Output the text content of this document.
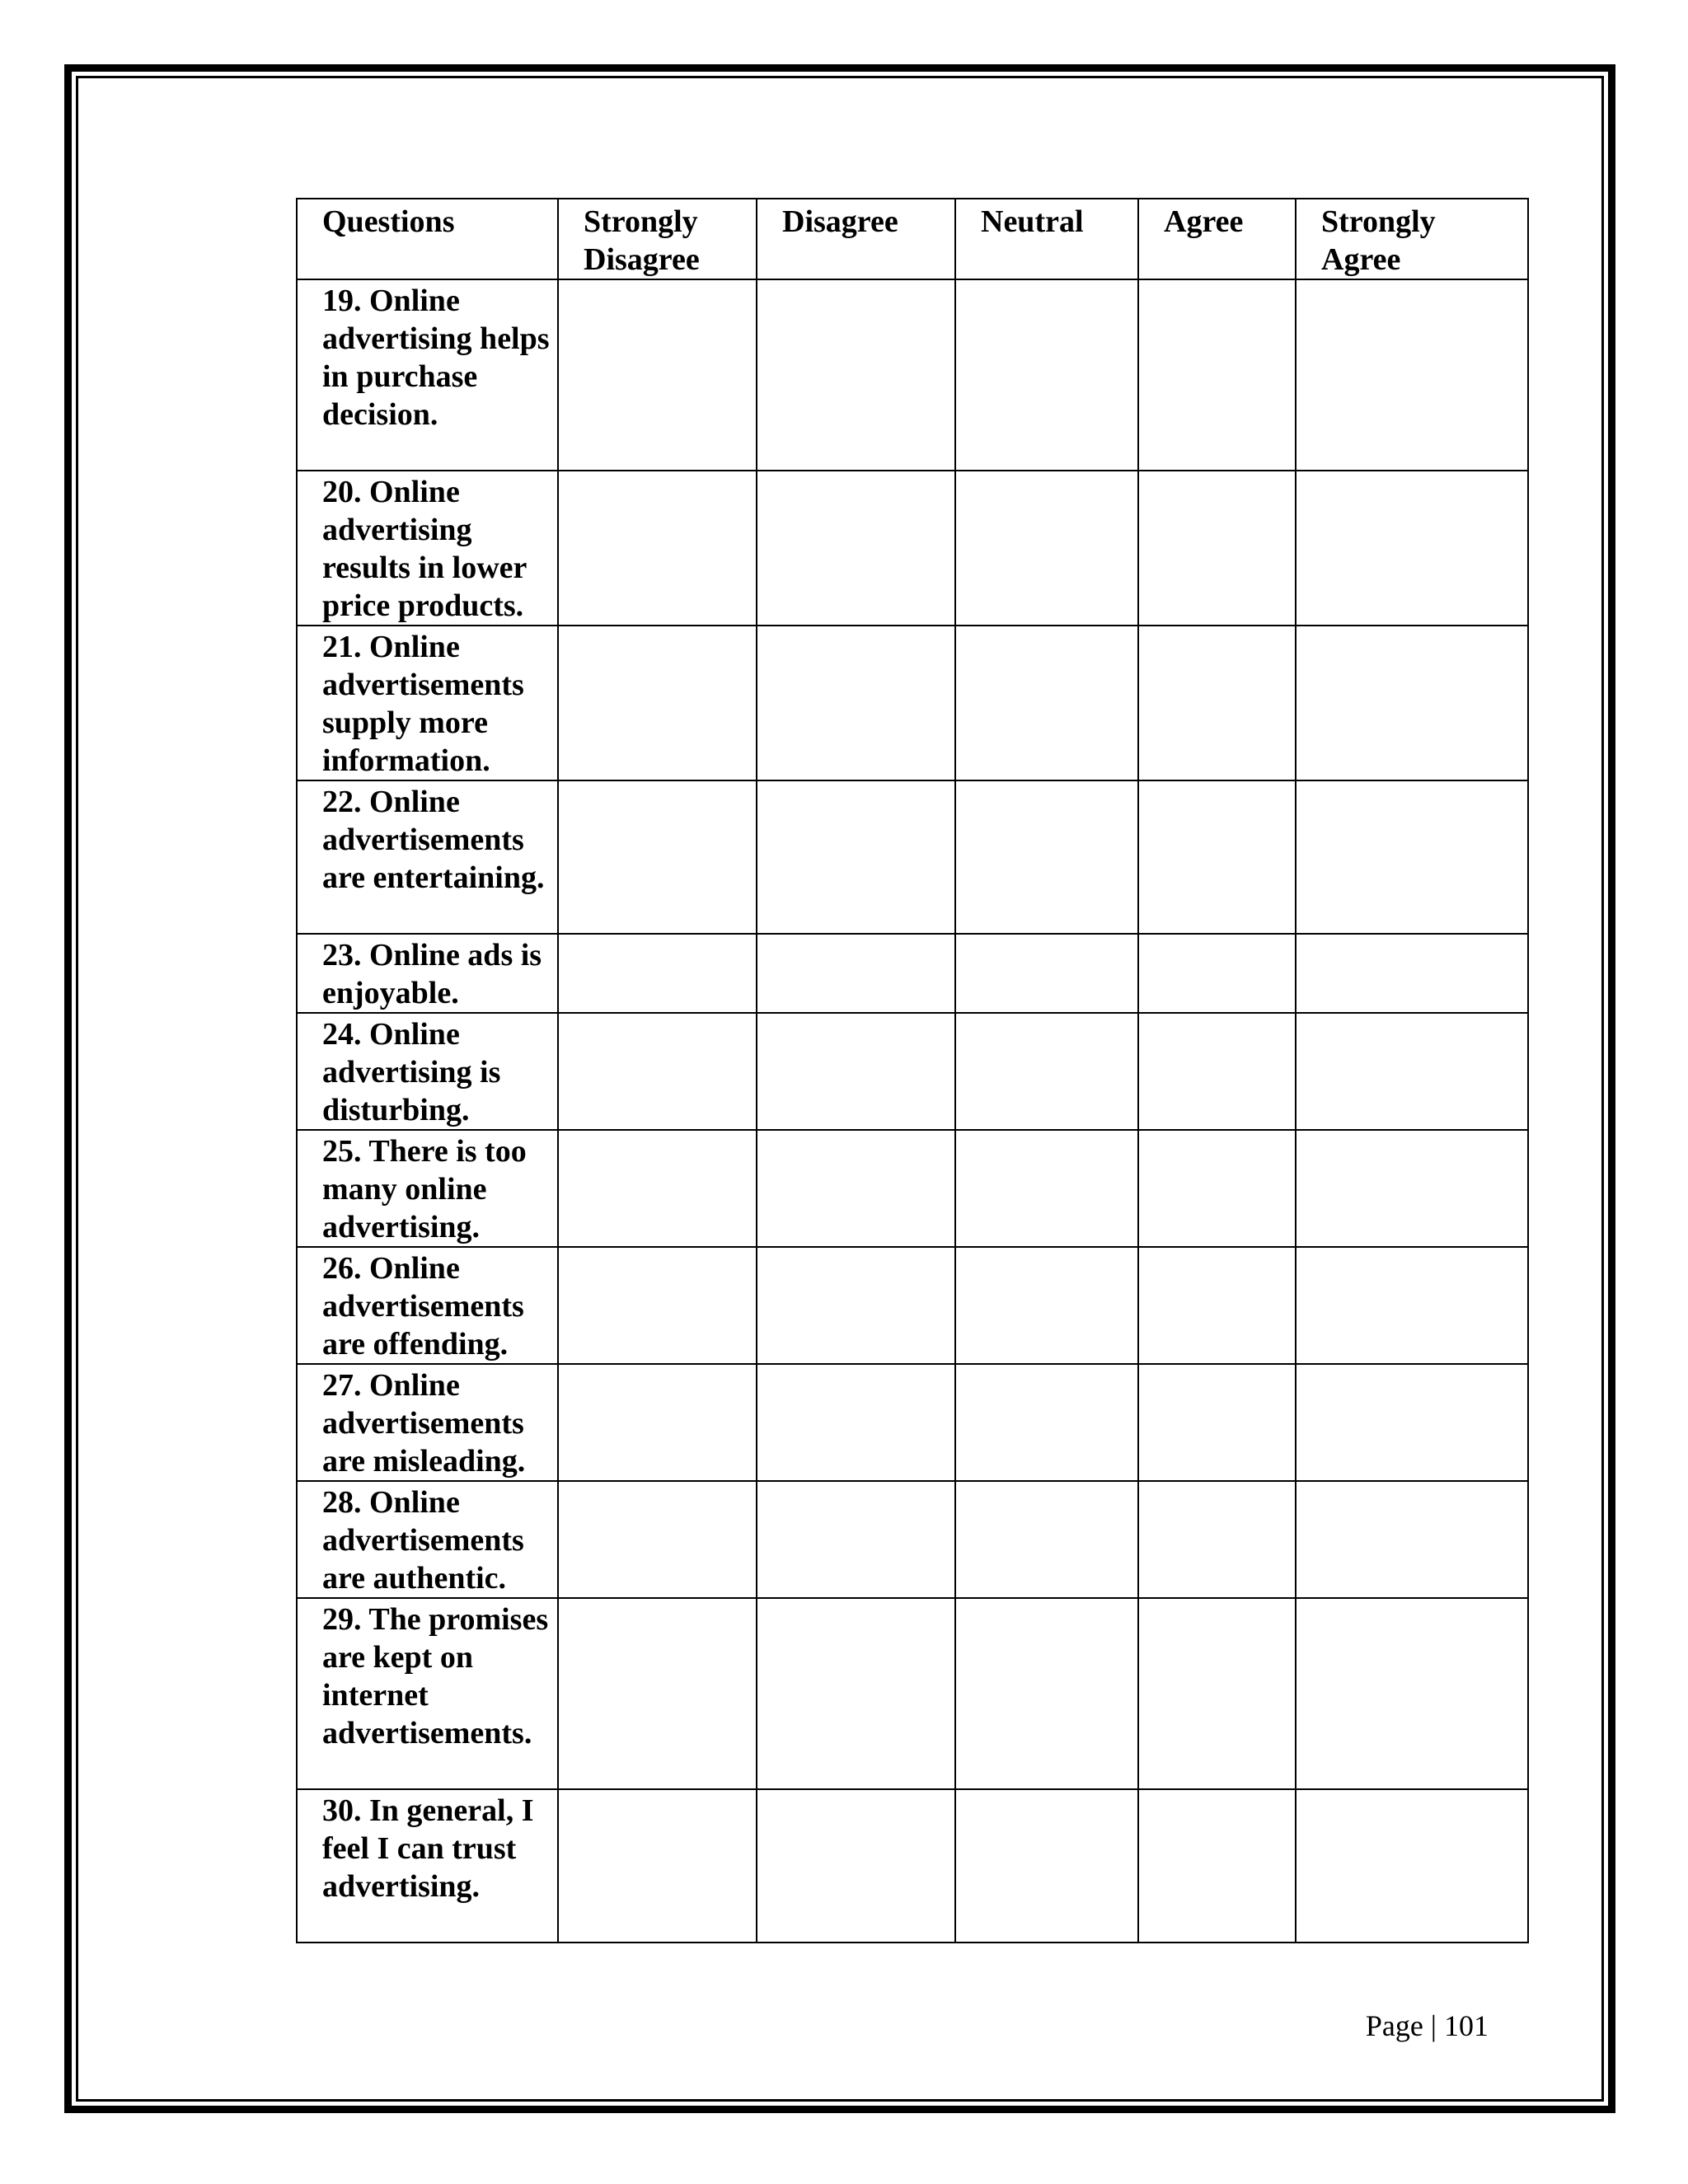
Questions	Strongly Disagree	Disagree	Neutral	Agree	Strongly Agree
19. Online advertising helps in purchase decision.					
20. Online advertising results in lower price products.					
21. Online advertisements supply more information.					
22. Online advertisements are entertaining.					
23. Online ads is enjoyable.					
24. Online advertising is disturbing.					
25. There is too many online advertising.					
26. Online advertisements are offending.					
27. Online advertisements are misleading.					
28. Online advertisements are authentic.					
29. The promises are kept on internet advertisements.					
30. In general, I feel I can trust advertising.					
Page | 101
